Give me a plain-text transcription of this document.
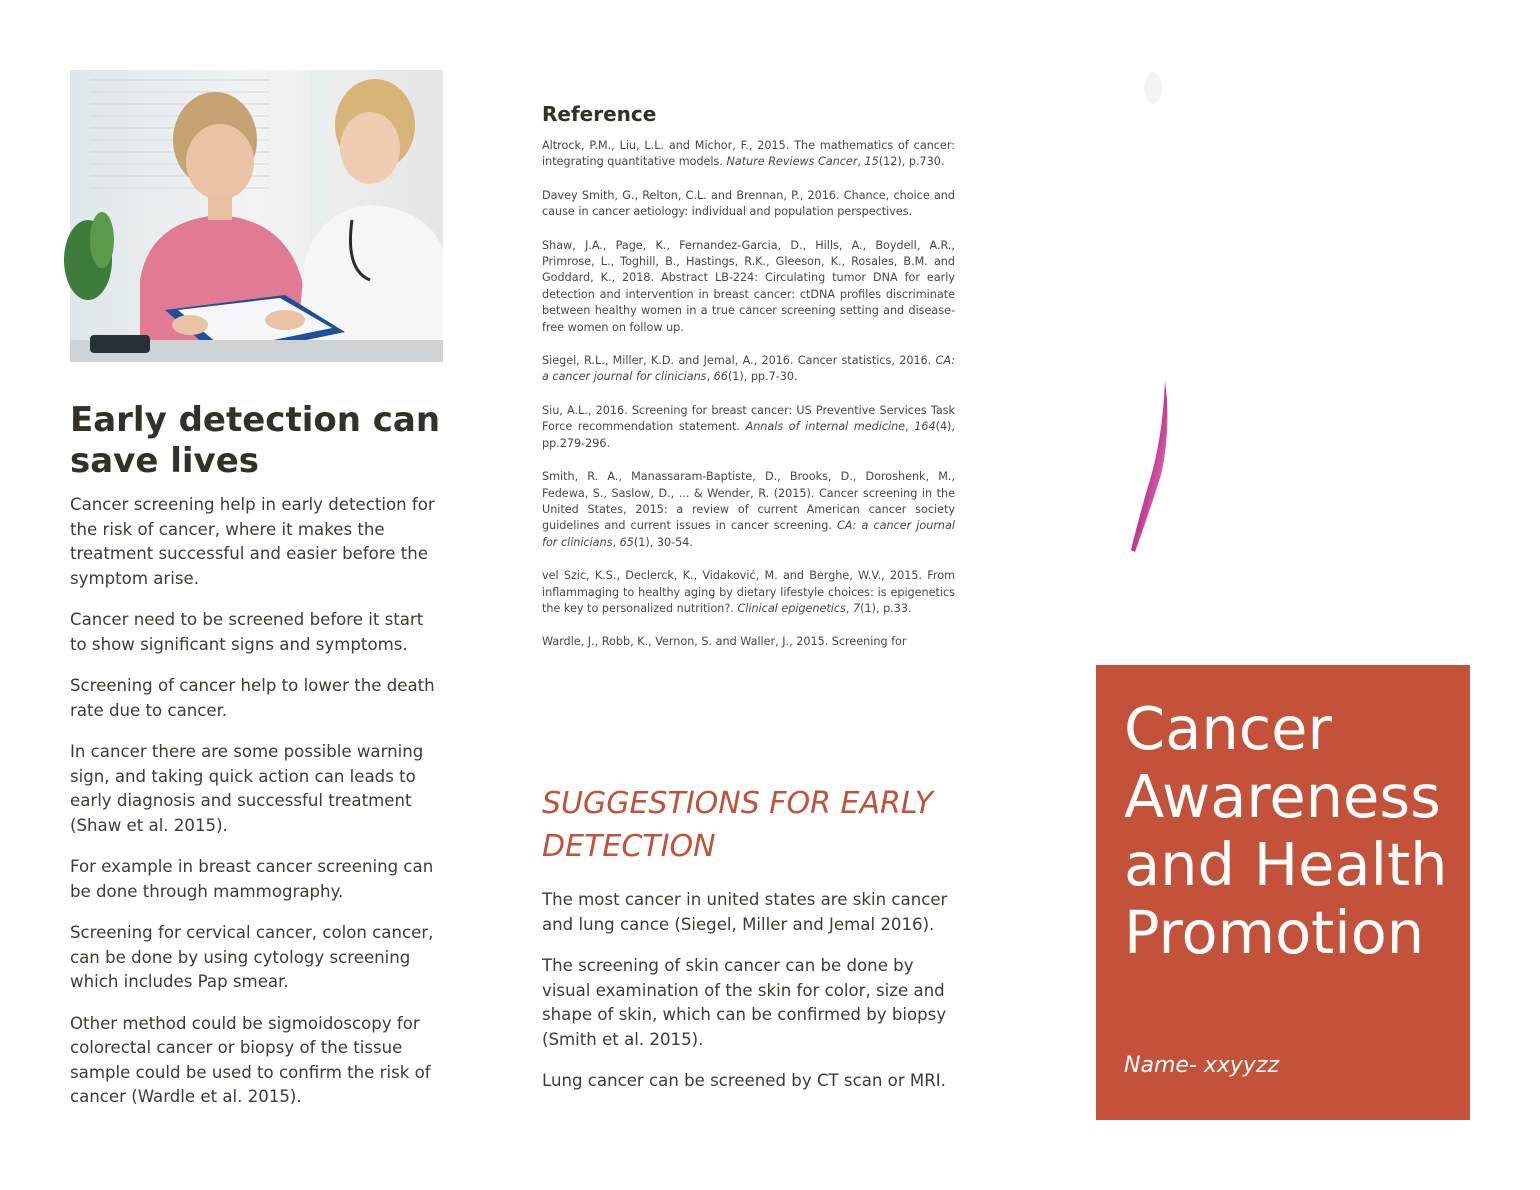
Early detection can save lives

Cancer screening help in early detection for the risk of cancer, where it makes the treatment successful and easier before the symptom arise.

Cancer need to be screened before it start to show significant signs and symptoms.

Screening of cancer help to lower the death rate due to cancer.

In cancer there are some possible warning sign, and taking quick action can leads to early diagnosis and successful treatment (Shaw et al. 2015).

For example in breast cancer screening can be done through mammography.

Screening for cervical cancer, colon cancer, can be done by using cytology screening which includes Pap smear.

Other method could be sigmoidoscopy for colorectal cancer or biopsy of the tissue sample could be used to confirm the risk of cancer (Wardle et al. 2015).

Reference

Altrock, P.M., Liu, L.L. and Michor, F., 2015. The mathematics of cancer: integrating quantitative models. Nature Reviews Cancer, 15(12), p.730.

Davey Smith, G., Relton, C.L. and Brennan, P., 2016. Chance, choice and cause in cancer aetiology: individual and population perspectives.

Shaw, J.A., Page, K., Fernandez-Garcia, D., Hills, A., Boydell, A.R., Primrose, L., Toghill, B., Hastings, R.K., Gleeson, K., Rosales, B.M. and Goddard, K., 2018. Abstract LB-224: Circulating tumor DNA for early detection and intervention in breast cancer: ctDNA profiles discriminate between healthy women in a true cancer screening setting and disease-free women on follow up.

Siegel, R.L., Miller, K.D. and Jemal, A., 2016. Cancer statistics, 2016. CA: a cancer journal for clinicians, 66(1), pp.7-30.

Siu, A.L., 2016. Screening for breast cancer: US Preventive Services Task Force recommendation statement. Annals of internal medicine, 164(4), pp.279-296.

Smith, R. A., Manassaram-Baptiste, D., Brooks, D., Doroshenk, M., Fedewa, S., Saslow, D., ... & Wender, R. (2015). Cancer screening in the United States, 2015: a review of current American cancer society guidelines and current issues in cancer screening. CA: a cancer journal for clinicians, 65(1), 30-54.

vel Szic, K.S., Declerck, K., Vidaković, M. and Berghe, W.V., 2015. From inflammaging to healthy aging by dietary lifestyle choices: is epigenetics the key to personalized nutrition?. Clinical epigenetics, 7(1), p.33.

Wardle, J., Robb, K., Vernon, S. and Waller, J., 2015. Screening for

SUGGESTIONS FOR EARLY DETECTION

The most cancer in united states are skin cancer and lung cance (Siegel, Miller and Jemal 2016).

The screening of skin cancer can be done by visual examination of the skin for color, size and shape of skin, which can be confirmed by biopsy (Smith et al. 2015).

Lung cancer can be screened by CT scan or MRI.

Cancer Awareness and Health Promotion
Name- xxyyzz
